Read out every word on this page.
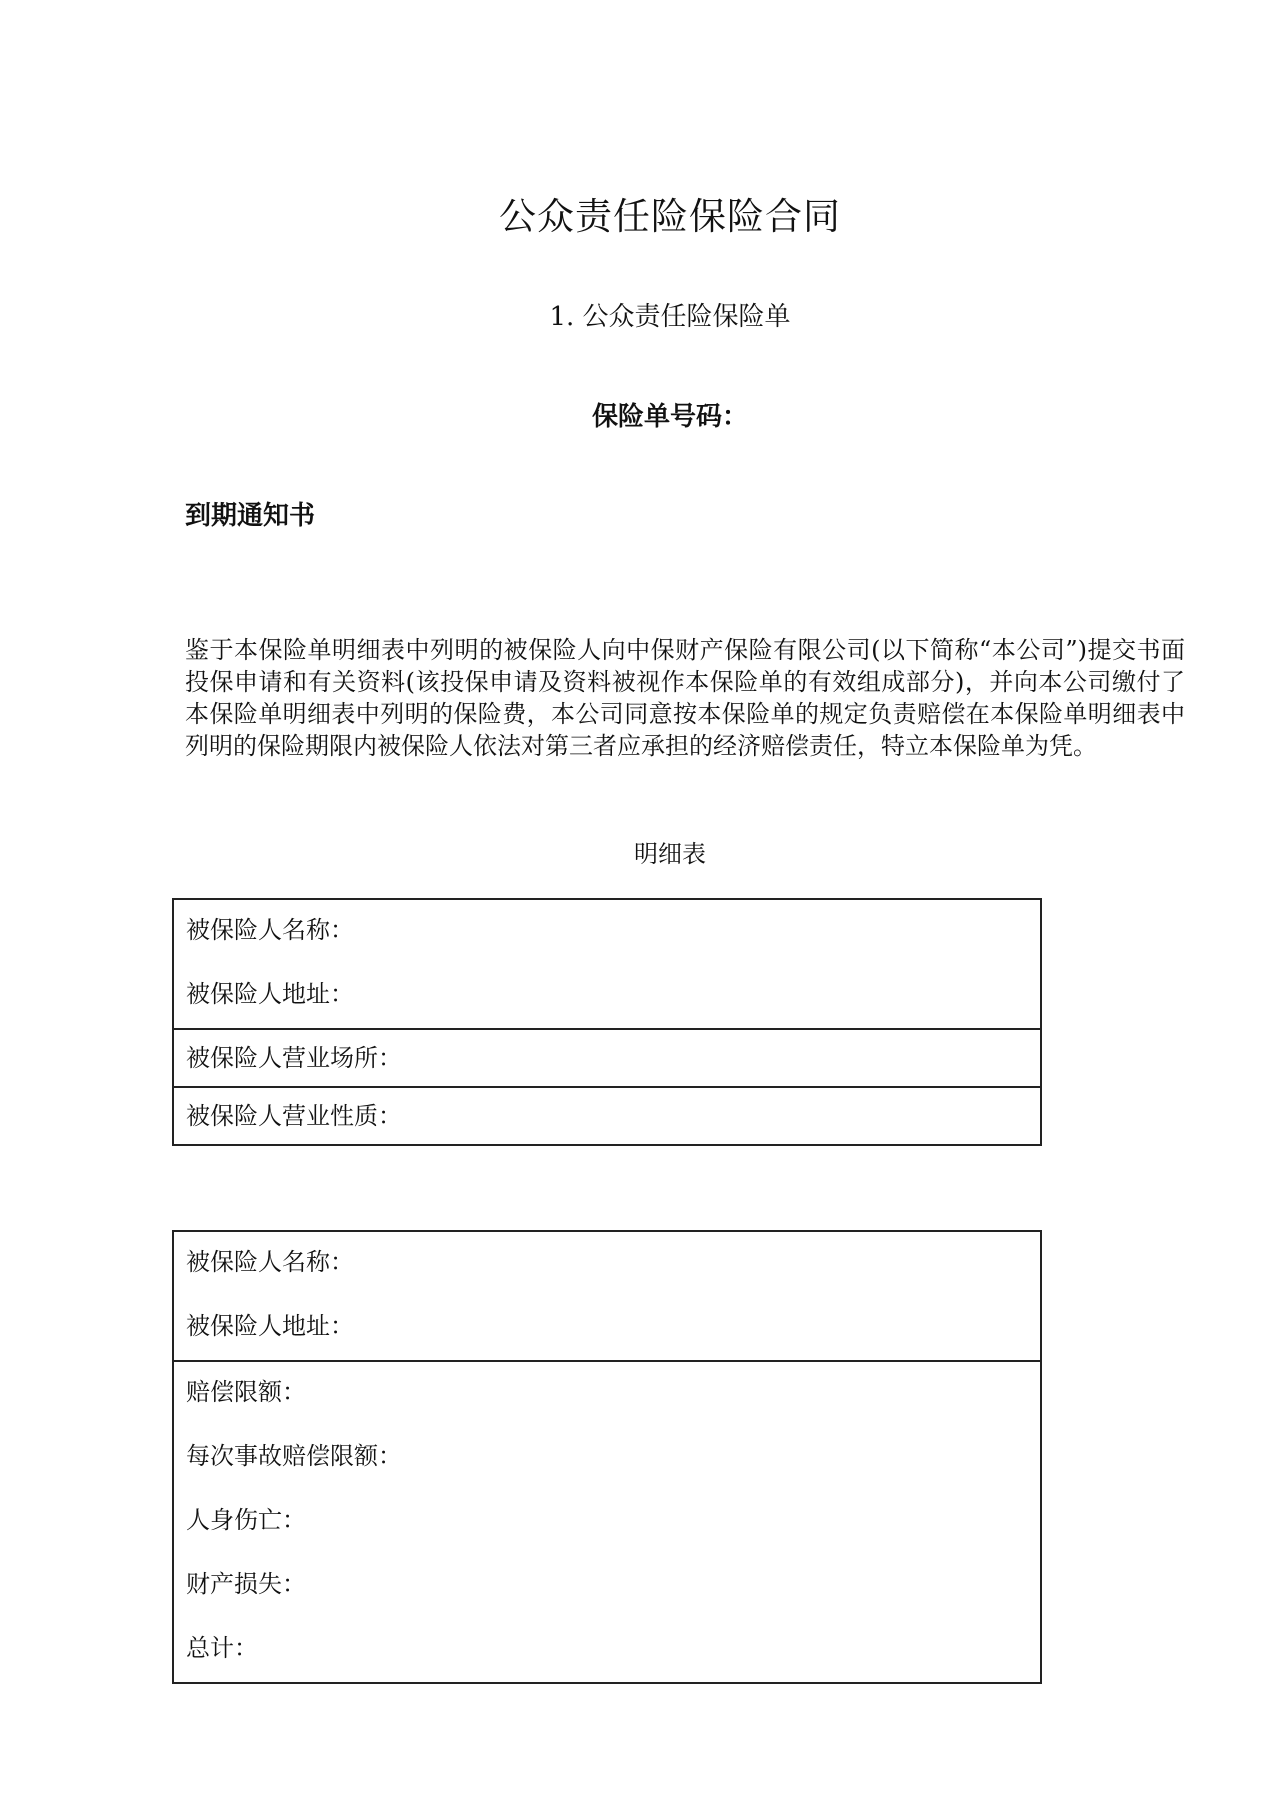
公众责任险保险合同
1. 公众责任险保险单
保险单号码：
到期通知书

鉴于本保险单明细表中列明的被保险人向中保财产保险有限公司(以下简称“本公司”)提交书面投保申请和有关资料(该投保申请及资料被视作本保险单的有效组成部分)，并向本公司缴付了本保险单明细表中列明的保险费，本公司同意按本保险单的规定负责赔偿在本保险单明细表中列明的保险期限内被保险人依法对第三者应承担的经济赔偿责任，特立本保险单为凭。

明细表
被保险人名称：
被保险人地址：

被保险人营业场所：
被保险人营业性质：
被保险人名称：
被保险人地址：

赔偿限额：
每次事故赔偿限额：
人身伤亡：
财产损失：
总计：
